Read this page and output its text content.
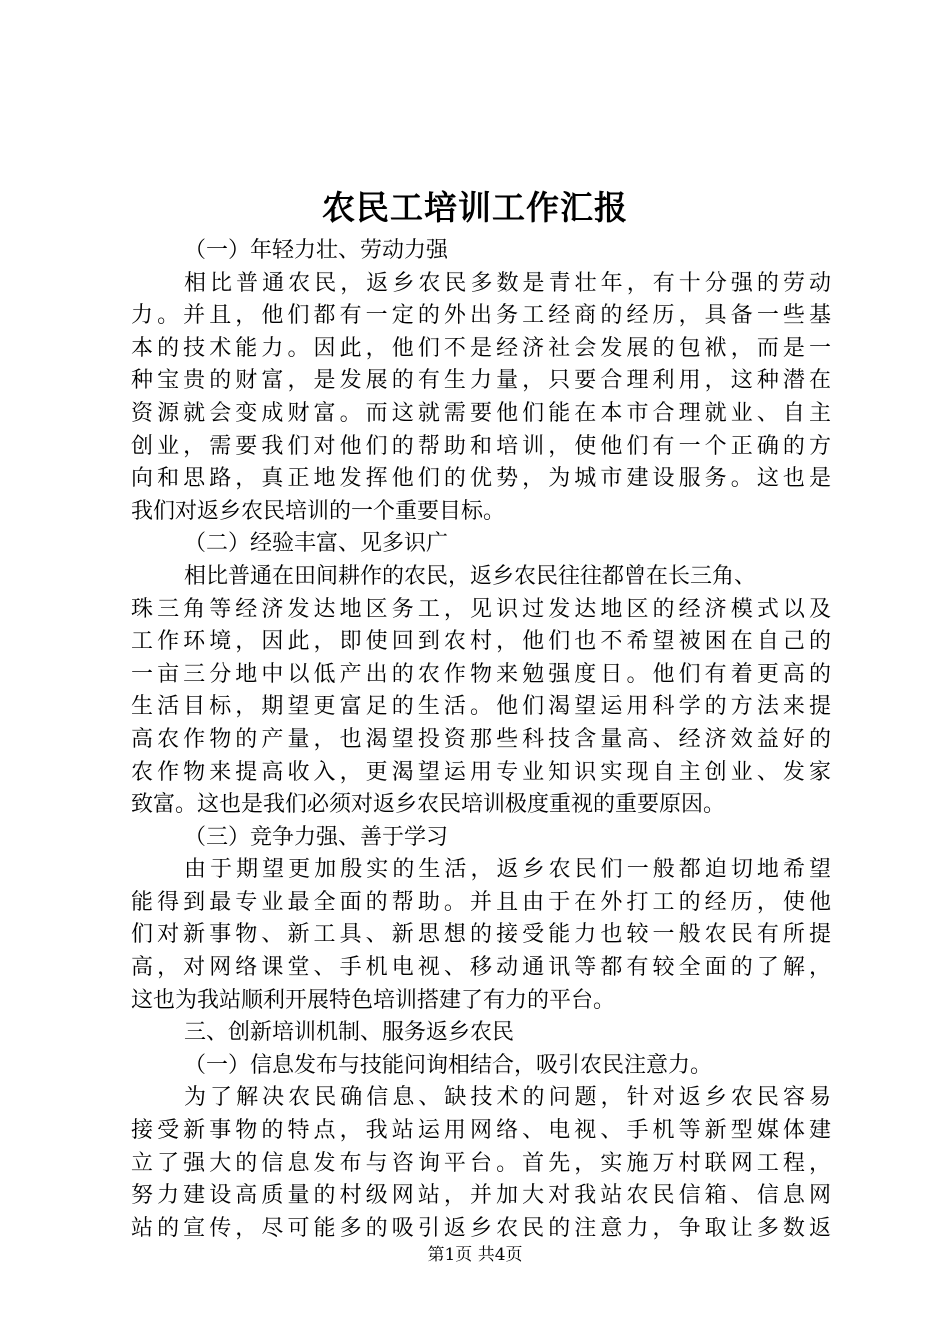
农民工培训工作汇报
（一）年轻力壮、劳动力强
相比普通农民，返乡农民多数是青壮年，有十分强的劳动
力。并且，他们都有一定的外出务工经商的经历，具备一些基
本的技术能力。因此，他们不是经济社会发展的包袱，而是一
种宝贵的财富，是发展的有生力量，只要合理利用，这种潜在
资源就会变成财富。而这就需要他们能在本市合理就业、自主
创业，需要我们对他们的帮助和培训，使他们有一个正确的方
向和思路，真正地发挥他们的优势，为城市建设服务。这也是
我们对返乡农民培训的一个重要目标。
（二）经验丰富、见多识广
相比普通在田间耕作的农民，返乡农民往往都曾在长三角、
珠三角等经济发达地区务工，见识过发达地区的经济模式以及
工作环境，因此，即使回到农村，他们也不希望被困在自己的
一亩三分地中以低产出的农作物来勉强度日。他们有着更高的
生活目标，期望更富足的生活。他们渴望运用科学的方法来提
高农作物的产量，也渴望投资那些科技含量高、经济效益好的
农作物来提高收入，更渴望运用专业知识实现自主创业、发家
致富。这也是我们必须对返乡农民培训极度重视的重要原因。
（三）竞争力强、善于学习
由于期望更加殷实的生活，返乡农民们一般都迫切地希望
能得到最专业最全面的帮助。并且由于在外打工的经历，使他
们对新事物、新工具、新思想的接受能力也较一般农民有所提
高，对网络课堂、手机电视、移动通讯等都有较全面的了解，
这也为我站顺利开展特色培训搭建了有力的平台。
三、创新培训机制、服务返乡农民
（一）信息发布与技能问询相结合，吸引农民注意力。
为了解决农民确信息、缺技术的问题，针对返乡农民容易
接受新事物的特点，我站运用网络、电视、手机等新型媒体建
立了强大的信息发布与咨询平台。首先，实施万村联网工程，
努力建设高质量的村级网站，并加大对我站农民信箱、信息网
站的宣传，尽可能多的吸引返乡农民的注意力，争取让多数返
第1页 共4页
